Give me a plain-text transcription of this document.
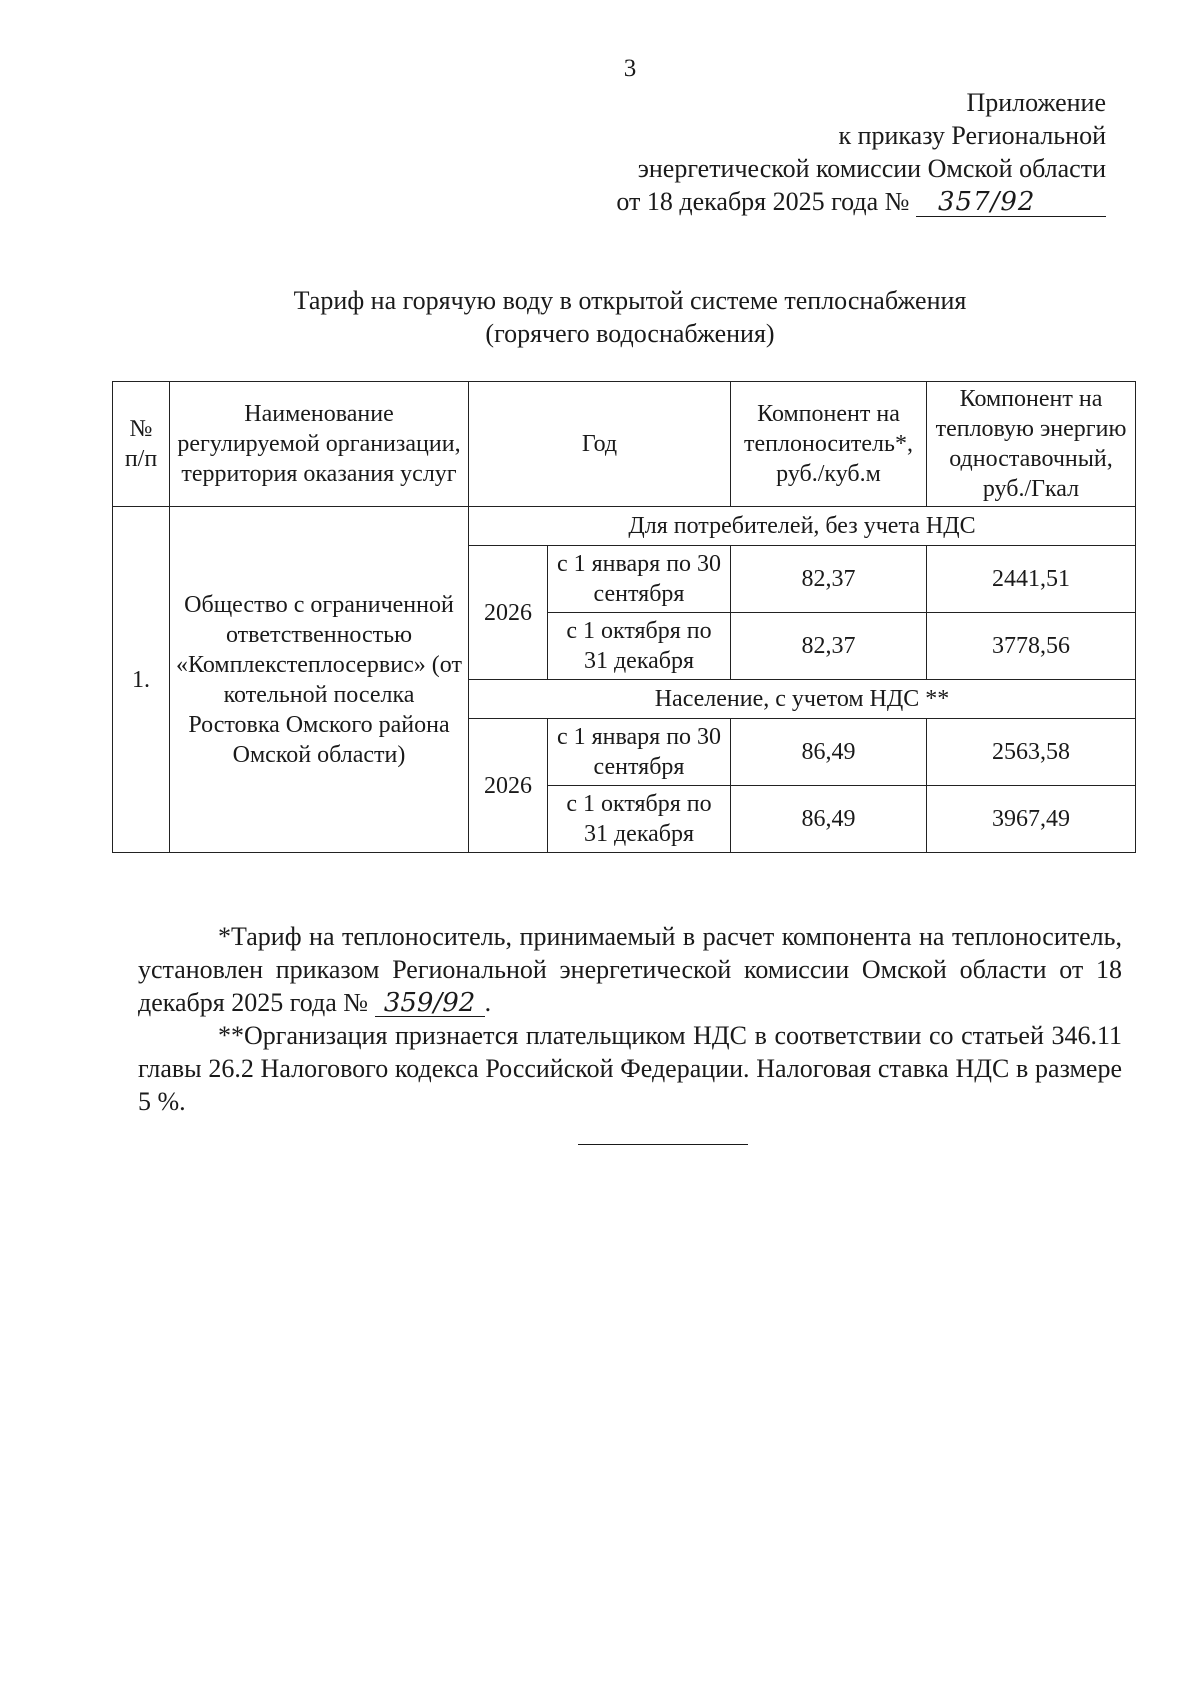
3
Приложение
к приказу Региональной
энергетической комиссии Омской области
от 18 декабря 2025 года № 357/92
Тариф на горячую воду в открытой системе теплоснабжения
(горячего водоснабжения)
№ п/п	Наименование регулируемой организации, территория оказания услуг	Год		Компонент на теплоноситель*, руб./куб.м	Компонент на тепловую энергию одноставочный, руб./Гкал
1.	Общество с ограниченной ответственностью «Комплекстеплосервис» (от котельной поселка Ростовка Омского района Омской области)	Для потребителей, без учета НДС			
		2026	с 1 января по 30 сентября	82,37	2441,51
			с 1 октября по 31 декабря	82,37	3778,56
		Население, с учетом НДС **			
		2026	с 1 января по 30 сентября	86,49	2563,58
			с 1 октября по 31 декабря	86,49	3967,49

*Тариф на теплоноситель, принимаемый в расчет компонента на теплоноситель, установлен приказом Региональной энергетической комиссии Омской области от 18 декабря 2025 года № 359/92 .

**Организация признается плательщиком НДС в соответствии со статьей 346.11 главы 26.2 Налогового кодекса Российской Федерации. Налоговая ставка НДС в размере 5 %.
